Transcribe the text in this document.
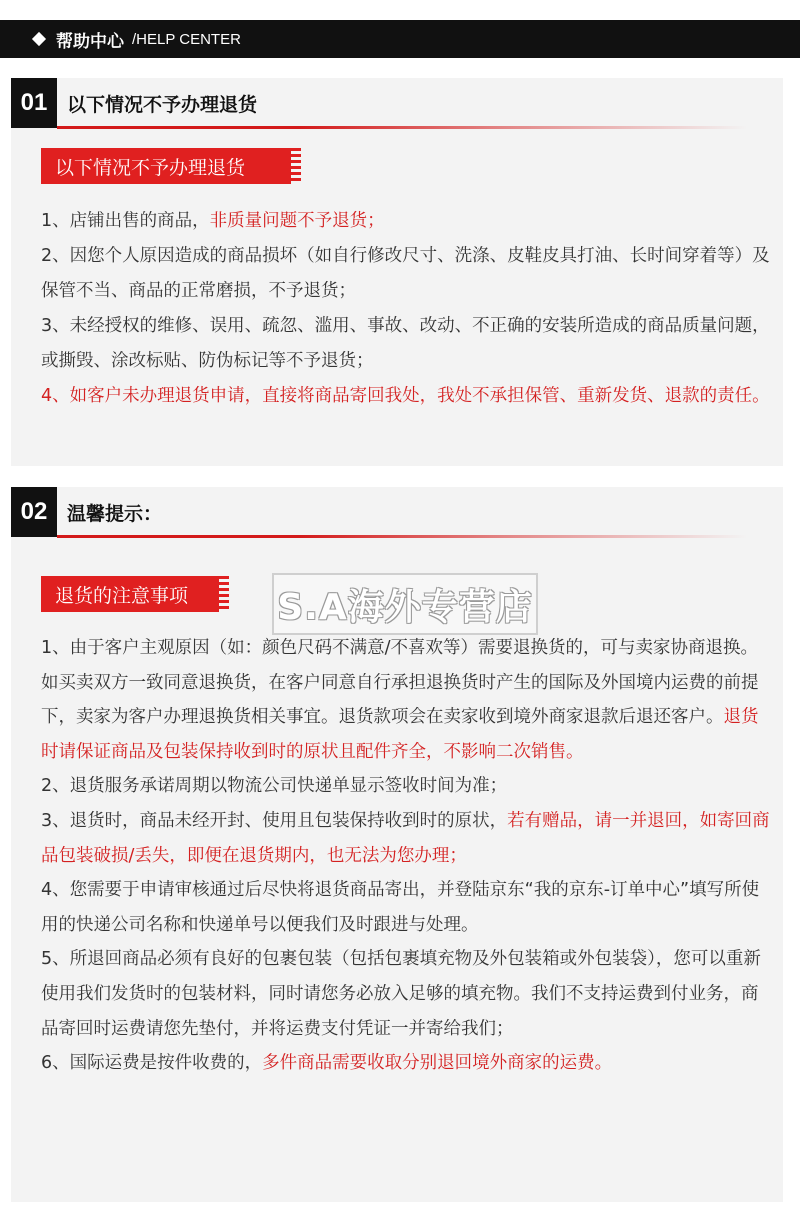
帮助中心 /HELP CENTER
01	以下情况不予办理退货
以下情况不予办理退货

1、店铺出售的商品，非质量问题不予退货；

2、因您个人原因造成的商品损坏（如自行修改尺寸、洗涤、皮鞋皮具打油、长时间穿着等）及保管不当、商品的正常磨损，不予退货；

3、未经授权的维修、误用、疏忽、滥用、事故、改动、不正确的安装所造成的商品质量问题，或撕毁、涂改标贴、防伪标记等不予退货；

4、如客户未办理退货申请，直接将商品寄回我处，我处不承担保管、重新发货、退款的责任。

02	温馨提示：
退货的注意事项

1、由于客户主观原因（如：颜色尺码不满意/不喜欢等）需要退换货的，可与卖家协商退换。如买卖双方一致同意退换货，在客户同意自行承担退换货时产生的国际及外国境内运费的前提下，卖家为客户办理退换货相关事宜。退货款项会在卖家收到境外商家退款后退还客户。退货时请保证商品及包装保持收到时的原状且配件齐全，不影响二次销售。

2、退货服务承诺周期以物流公司快递单显示签收时间为准；

3、退货时，商品未经开封、使用且包装保持收到时的原状，若有赠品，请一并退回，如寄回商品包装破损/丢失，即便在退货期内，也无法为您办理；

4、您需要于申请审核通过后尽快将退货商品寄出，并登陆京东“我的京东-订单中心”填写所使用的快递公司名称和快递单号以便我们及时跟进与处理。

5、所退回商品必须有良好的包裹包装（包括包裹填充物及外包装箱或外包装袋），您可以重新使用我们发货时的包装材料，同时请您务必放入足够的填充物。我们不支持运费到付业务，商品寄回时运费请您先垫付，并将运费支付凭证一并寄给我们；

6、国际运费是按件收费的，多件商品需要收取分别退回境外商家的运费。

S.A海外专营店
